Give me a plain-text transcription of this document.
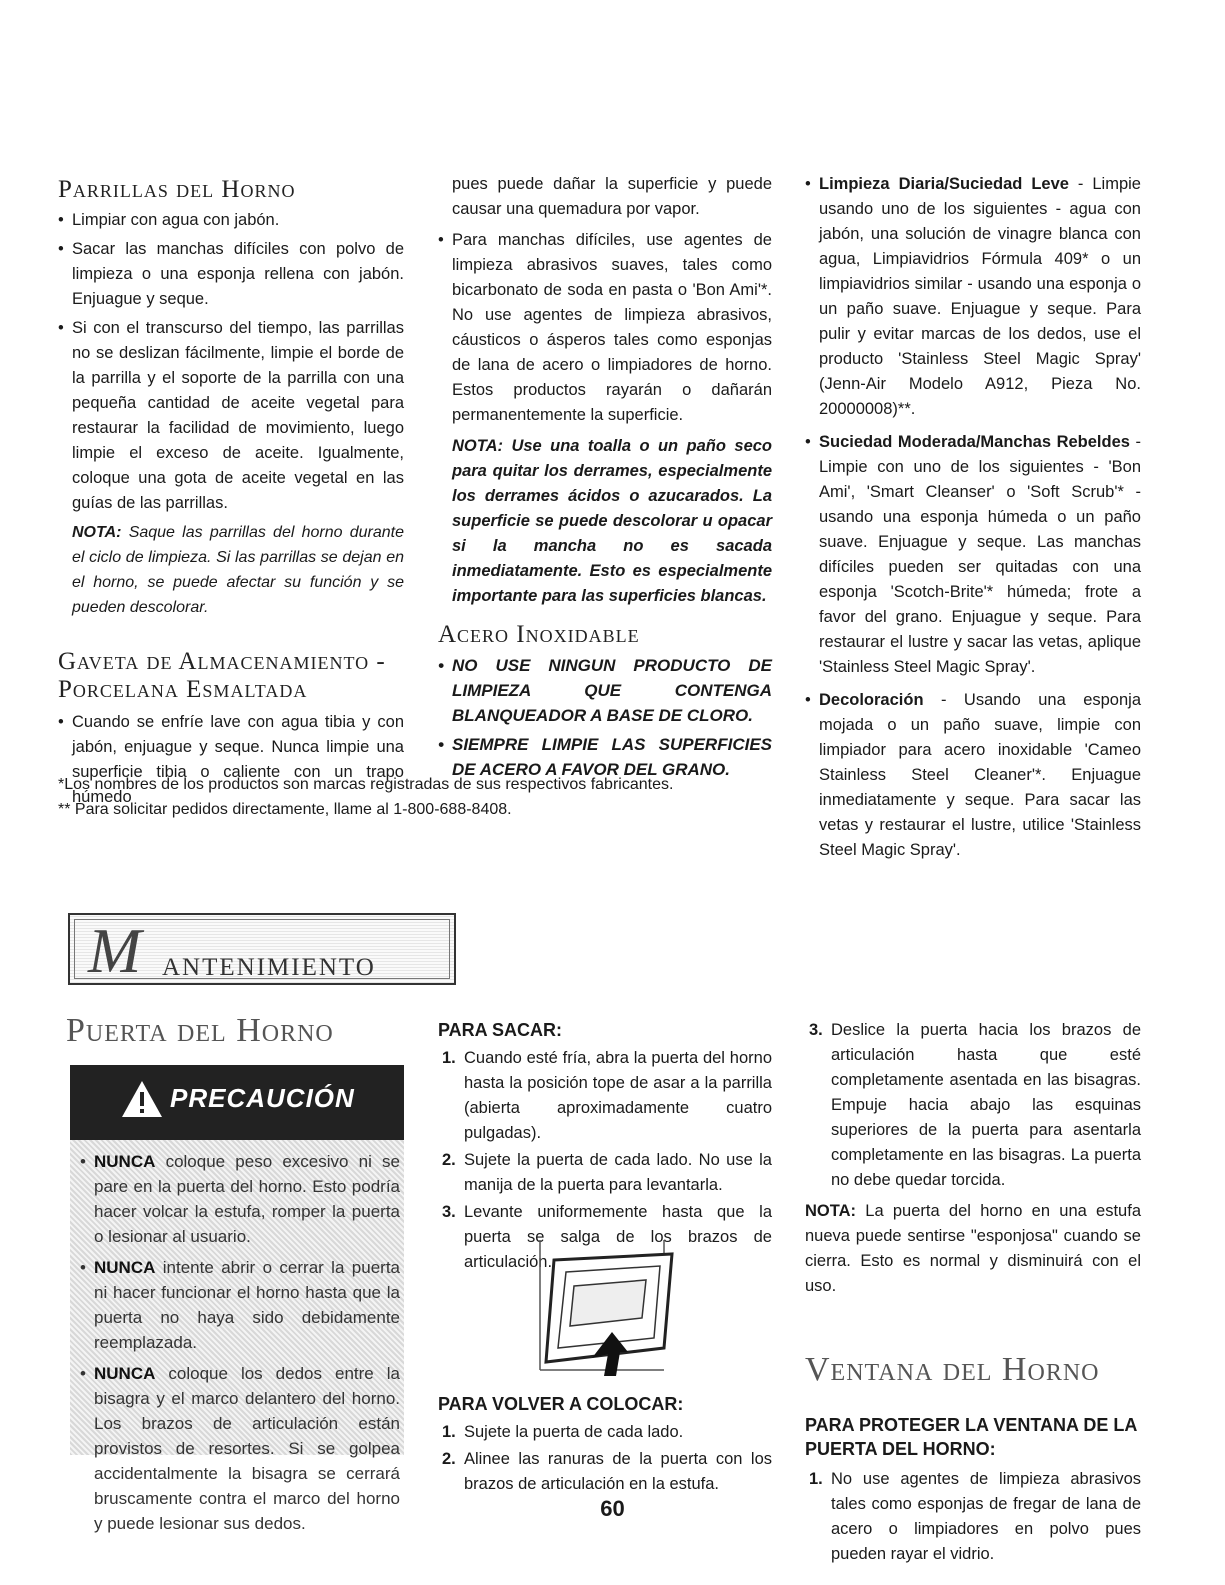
Parrillas del Horno
• Limpiar con agua con jabón.
• Sacar las manchas difíciles con polvo de limpieza o una esponja rellena con jabón. Enjuague y seque.
• Si con el transcurso del tiempo, las parrillas no se deslizan fácilmente, limpie el borde de la parrilla y el soporte de la parrilla con una pequeña cantidad de aceite vegetal para restaurar la facilidad de movimiento, luego limpie el exceso de aceite. Igualmente, coloque una gota de aceite vegetal en las guías de las parrillas.

NOTA: Saque las parrillas del horno durante el ciclo de limpieza. Si las parrillas se dejan en el horno, se puede afectar su función y se pueden descolorar.

Gaveta de Almacenamiento -
Porcelana Esmaltada
• Cuando se enfríe lave con agua tibia y con jabón, enjuague y seque. Nunca limpie una superficie tibia o caliente con un trapo húmedo

pues puede dañar la superficie y puede causar una quemadura por vapor.

• Para manchas difíciles, use agentes de limpieza abrasivos suaves, tales como bicarbonato de soda en pasta o 'Bon Ami'*. No use agentes de limpieza abrasivos, cáusticos o ásperos tales como esponjas de lana de acero o limpiadores de horno. Estos productos rayarán o dañarán permanentemente la superficie.

NOTA: Use una toalla o un paño seco para quitar los derrames, especialmente los derrames ácidos o azucarados. La superficie se puede descolorar u opacar si la mancha no es sacada inmediatamente. Esto es especialmente importante para las superficies blancas.

Acero Inoxidable
• NO USE NINGUN PRODUCTO DE LIMPIEZA QUE CONTENGA BLANQUEADOR A BASE DE CLORO.
• SIEMPRE LIMPIE LAS SUPERFICIES DE ACERO A FAVOR DEL GRANO.
• Limpieza Diaria/Suciedad Leve - Limpie usando uno de los siguientes - agua con jabón, una solución de vinagre blanca con agua, Limpiavidrios Fórmula 409* o un limpiavidrios similar - usando una esponja o un paño suave. Enjuague y seque. Para pulir y evitar marcas de los dedos, use el producto 'Stainless Steel Magic Spray' (Jenn-Air Modelo A912, Pieza No. 20000008)**.
• Suciedad Moderada/Manchas Rebeldes - Limpie con uno de los siguientes - 'Bon Ami', 'Smart Cleanser' o 'Soft Scrub'* - usando una esponja húmeda o un paño suave. Enjuague y seque. Las manchas difíciles pueden ser quitadas con una esponja 'Scotch-Brite'* húmeda; frote a favor del grano. Enjuague y seque. Para restaurar el lustre y sacar las vetas, aplique 'Stainless Steel Magic Spray'.
• Decoloración - Usando una esponja mojada o un paño suave, limpie con limpiador para acero inoxidable 'Cameo Stainless Steel Cleaner'*. Enjuague inmediatamente y seque. Para sacar las vetas y restaurar el lustre, utilice 'Stainless Steel Magic Spray'.
*Los nombres de los productos son marcas registradas de sus respectivos fabricantes.
** Para solicitar pedidos directamente, llame al 1-800-688-8408.
M antenimiento
Puerta del Horno
PRECAUCIÓN
• NUNCA coloque peso excesivo ni se pare en la puerta del horno. Esto podría hacer volcar la estufa, romper la puerta o lesionar al usuario.
• NUNCA intente abrir o cerrar la puerta ni hacer funcionar el horno hasta que la puerta no haya sido debidamente reemplazada.
• NUNCA coloque los dedos entre la bisagra y el marco delantero del horno. Los brazos de articulación están provistos de resortes. Si se golpea accidentalmente la bisagra se cerrará bruscamente contra el marco del horno y puede lesionar sus dedos.
PARA SACAR:
1. Cuando esté fría, abra la puerta del horno hasta la posición tope de asar a la parrilla (abierta aproximadamente cuatro pulgadas).
2. Sujete la puerta de cada lado. No use la manija de la puerta para levantarla.
3. Levante uniformemente hasta que la puerta se salga de los brazos de articulación.
PARA VOLVER A COLOCAR:
1. Sujete la puerta de cada lado.
2. Alinee las ranuras de la puerta con los brazos de articulación en la estufa.
3. Deslice la puerta hacia los brazos de articulación hasta que esté completamente asentada en las bisagras. Empuje hacia abajo las esquinas superiores de la puerta para asentarla completamente en las bisagras. La puerta no debe quedar torcida.

NOTA: La puerta del horno en una estufa nueva puede sentirse "esponjosa" cuando se cierra. Esto es normal y disminuirá con el uso.

Ventana del Horno
PARA PROTEGER LA VENTANA DE LA PUERTA DEL HORNO:
1. No use agentes de limpieza abrasivos tales como esponjas de fregar de lana de acero o limpiadores en polvo pues pueden rayar el vidrio.
60
